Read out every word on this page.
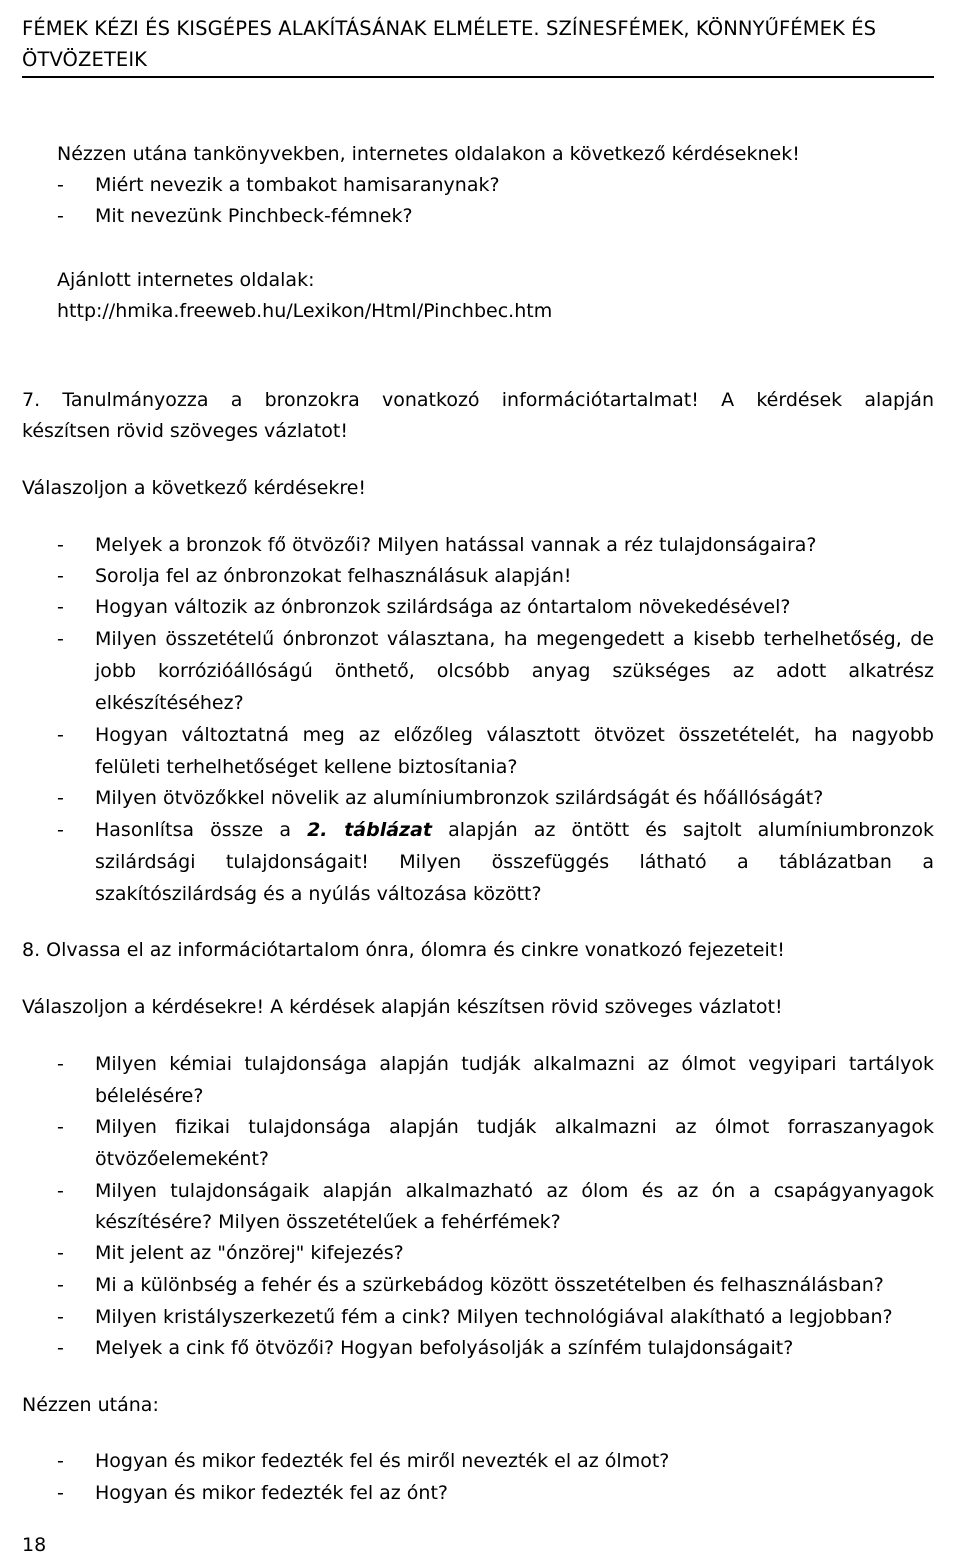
FÉMEK KÉZI ÉS KISGÉPES ALAKÍTÁSÁNAK ELMÉLETE. SZÍNESFÉMEK, KÖNNYŰFÉMEK ÉS ÖTVÖZETEIK
Nézzen utána tankönyvekben, internetes oldalakon a következő kérdéseknek!
-	Miért nevezik a tombakot hamisaranynak?
-	Mit nevezünk Pinchbeck-fémnek?
Ajánlott internetes oldalak:
http://hmika.freeweb.hu/Lexikon/Html/Pinchbec.htm
7. Tanulmányozza a bronzokra vonatkozó információtartalmat! A kérdések alapján
készítsen rövid szöveges vázlatot!
Válaszoljon a következő kérdésekre!
-	Melyek a bronzok fő ötvözői? Milyen hatással vannak a réz tulajdonságaira?
-	Sorolja fel az ónbronzokat felhasználásuk alapján!
-	Hogyan változik az ónbronzok szilárdsága az óntartalom növekedésével?
-	Milyen összetételű ónbronzot választana, ha megengedett a kisebb terhelhetőség, de
jobb korrózióállóságú önthető, olcsóbb anyag szükséges az adott alkatrész
elkészítéséhez?
-	Hogyan változtatná meg az előzőleg választott ötvözet összetételét, ha nagyobb
felületi terhelhetőséget kellene biztosítania?
-	Milyen ötvözőkkel növelik az alumíniumbronzok szilárdságát és hőállóságát?
-	Hasonlítsa össze a 2. táblázat alapján az öntött és sajtolt alumíniumbronzok
szilárdsági tulajdonságait! Milyen összefüggés látható a táblázatban a
szakítószilárdság és a nyúlás változása között?
8. Olvassa el az információtartalom ónra, ólomra és cinkre vonatkozó fejezeteit!
Válaszoljon a kérdésekre! A kérdések alapján készítsen rövid szöveges vázlatot!
-	Milyen kémiai tulajdonsága alapján tudják alkalmazni az ólmot vegyipari tartályok
bélelésére?
-	Milyen fizikai tulajdonsága alapján tudják alkalmazni az ólmot forraszanyagok
ötvözőelemeként?
-	Milyen tulajdonságaik alapján alkalmazható az ólom és az ón a csapágyanyagok
készítésére? Milyen összetételűek a fehérfémek?
-	Mit jelent az "ónzörej" kifejezés?
-	Mi a különbség a fehér és a szürkebádog között összetételben és felhasználásban?
-	Milyen kristályszerkezetű fém a cink? Milyen technológiával alakítható a legjobban?
-	Melyek a cink fő ötvözői? Hogyan befolyásolják a színfém tulajdonságait?
Nézzen utána:
-	Hogyan és mikor fedezték fel és miről nevezték el az ólmot?
-	Hogyan és mikor fedezték fel az ónt?
18
